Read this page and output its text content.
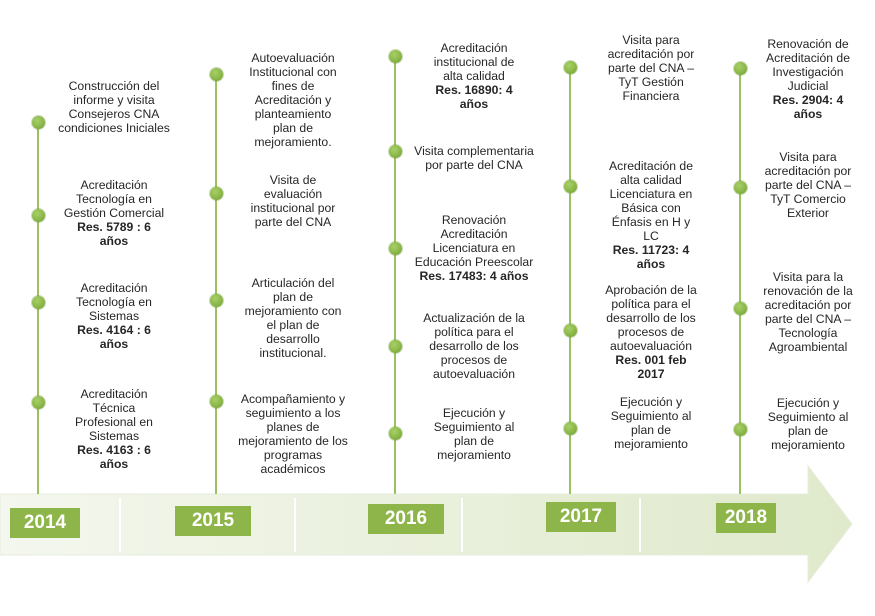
Construcción del
informe y visita
Consejeros CNA
condiciones Iniciales
Acreditación
Tecnología en
Gestión Comercial
Res. 5789 : 6
años
Acreditación
Tecnología en
Sistemas
Res. 4164 : 6
años
Acreditación
Técnica
Profesional en
Sistemas
Res. 4163 : 6
años
2014
Autoevaluación
Institucional con
fines de
Acreditación y
planteamiento
plan de
mejoramiento.
Visita de
evaluación
institucional por
parte del CNA
Articulación del
plan de
mejoramiento con
el plan de
desarrollo
institucional.
Acompañamiento y
seguimiento a los
planes de
mejoramiento de los
programas
académicos
2015
Acreditación
institucional de
alta calidad
Res. 16890: 4
años
Visita complementaria
por parte del CNA
Renovación
Acreditación
Licenciatura en
Educación Preescolar
Res. 17483: 4 años
Actualización de la
política para el
desarrollo de los
procesos de
autoevaluación
Ejecución y
Seguimiento al
plan de
mejoramiento
2016
Visita para
acreditación por
parte del CNA –
TyT Gestión
Financiera
Acreditación de
alta calidad
Licenciatura en
Básica con
Énfasis en H y
LC
Res. 11723: 4
años
Aprobación de la
política para el
desarrollo de los
procesos de
autoevaluación
Res. 001 feb
2017
Ejecución y
Seguimiento al
plan de
mejoramiento
2017
Renovación de
Acreditación de
Investigación
Judicial
Res. 2904: 4
años
Visita para
acreditación por
parte del CNA –
TyT Comercio
Exterior
Visita para la
renovación de la
acreditación por
parte del CNA –
Tecnología
Agroambiental
Ejecución y
Seguimiento al
plan de
mejoramiento
2018
